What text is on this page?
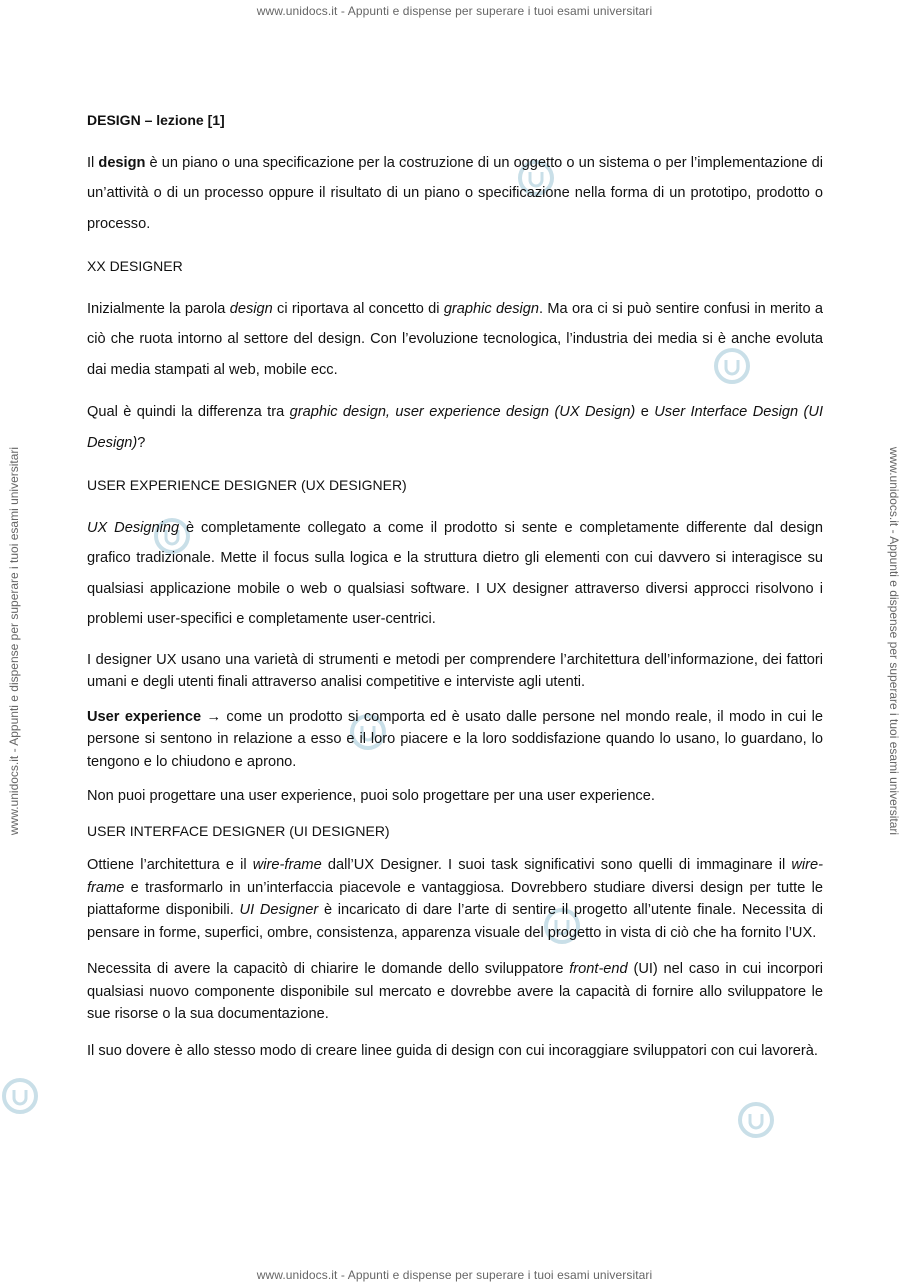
www.unidocs.it - Appunti e dispense per superare i tuoi esami universitari
www.unidocs.it - Appunti e dispense per superare i tuoi esami universitari
www.unidocs.it - Appunti e dispense per superare i tuoi esami universitari	www.unidocs.it - Appunti e dispense per superare i tuoi esami universitari

DESIGN – lezione [1]

Il design è un piano o una specificazione per la costruzione di un oggetto o un sistema o per l’implementazione di un’attività o di un processo oppure il risultato di un piano o specificazione nella forma di un prototipo, prodotto o processo.

XX DESIGNER

Inizialmente la parola design ci riportava al concetto di graphic design. Ma ora ci si può sentire confusi in merito a ciò che ruota intorno al settore del design. Con l’evoluzione tecnologica, l’industria dei media si è anche evoluta dai media stampati al web, mobile ecc.

Qual è quindi la differenza tra graphic design, user experience design (UX Design) e User Interface Design (UI Design)?

USER EXPERIENCE DESIGNER (UX DESIGNER)

UX Designing è completamente collegato a come il prodotto si sente e completamente differente dal design grafico tradizionale. Mette il focus sulla logica e la struttura dietro gli elementi con cui davvero si interagisce su qualsiasi applicazione mobile o web o qualsiasi software. I UX designer attraverso diversi approcci risolvono i problemi user-specifici e completamente user-centrici.

I designer UX usano una varietà di strumenti e metodi per comprendere l’architettura dell’informazione, dei fattori umani e degli utenti finali attraverso analisi competitive e interviste agli utenti.

User experience → come un prodotto si comporta ed è usato dalle persone nel mondo reale, il modo in cui le persone si sentono in relazione a esso e il loro piacere e la loro soddisfazione quando lo usano, lo guardano, lo tengono e lo chiudono e aprono.

Non puoi progettare una user experience, puoi solo progettare per una user experience.

USER INTERFACE DESIGNER (UI DESIGNER)

Ottiene l’architettura e il wire-frame dall’UX Designer. I suoi task significativi sono quelli di immaginare il wire-frame e trasformarlo in un’interfaccia piacevole e vantaggiosa. Dovrebbero studiare diversi design per tutte le piattaforme disponibili. UI Designer è incaricato di dare l’arte di sentire il progetto all’utente finale. Necessita di pensare in forme, superfici, ombre, consistenza, apparenza visuale del progetto in vista di ciò che ha fornito l’UX.

Necessita di avere la capacitò di chiarire le domande dello sviluppatore front-end (UI) nel caso in cui incorpori qualsiasi nuovo componente disponibile sul mercato e dovrebbe avere la capacità di fornire allo sviluppatore le sue risorse o la sua documentazione.

Il suo dovere è allo stesso modo di creare linee guida di design con cui incoraggiare sviluppatori con cui lavorerà.
